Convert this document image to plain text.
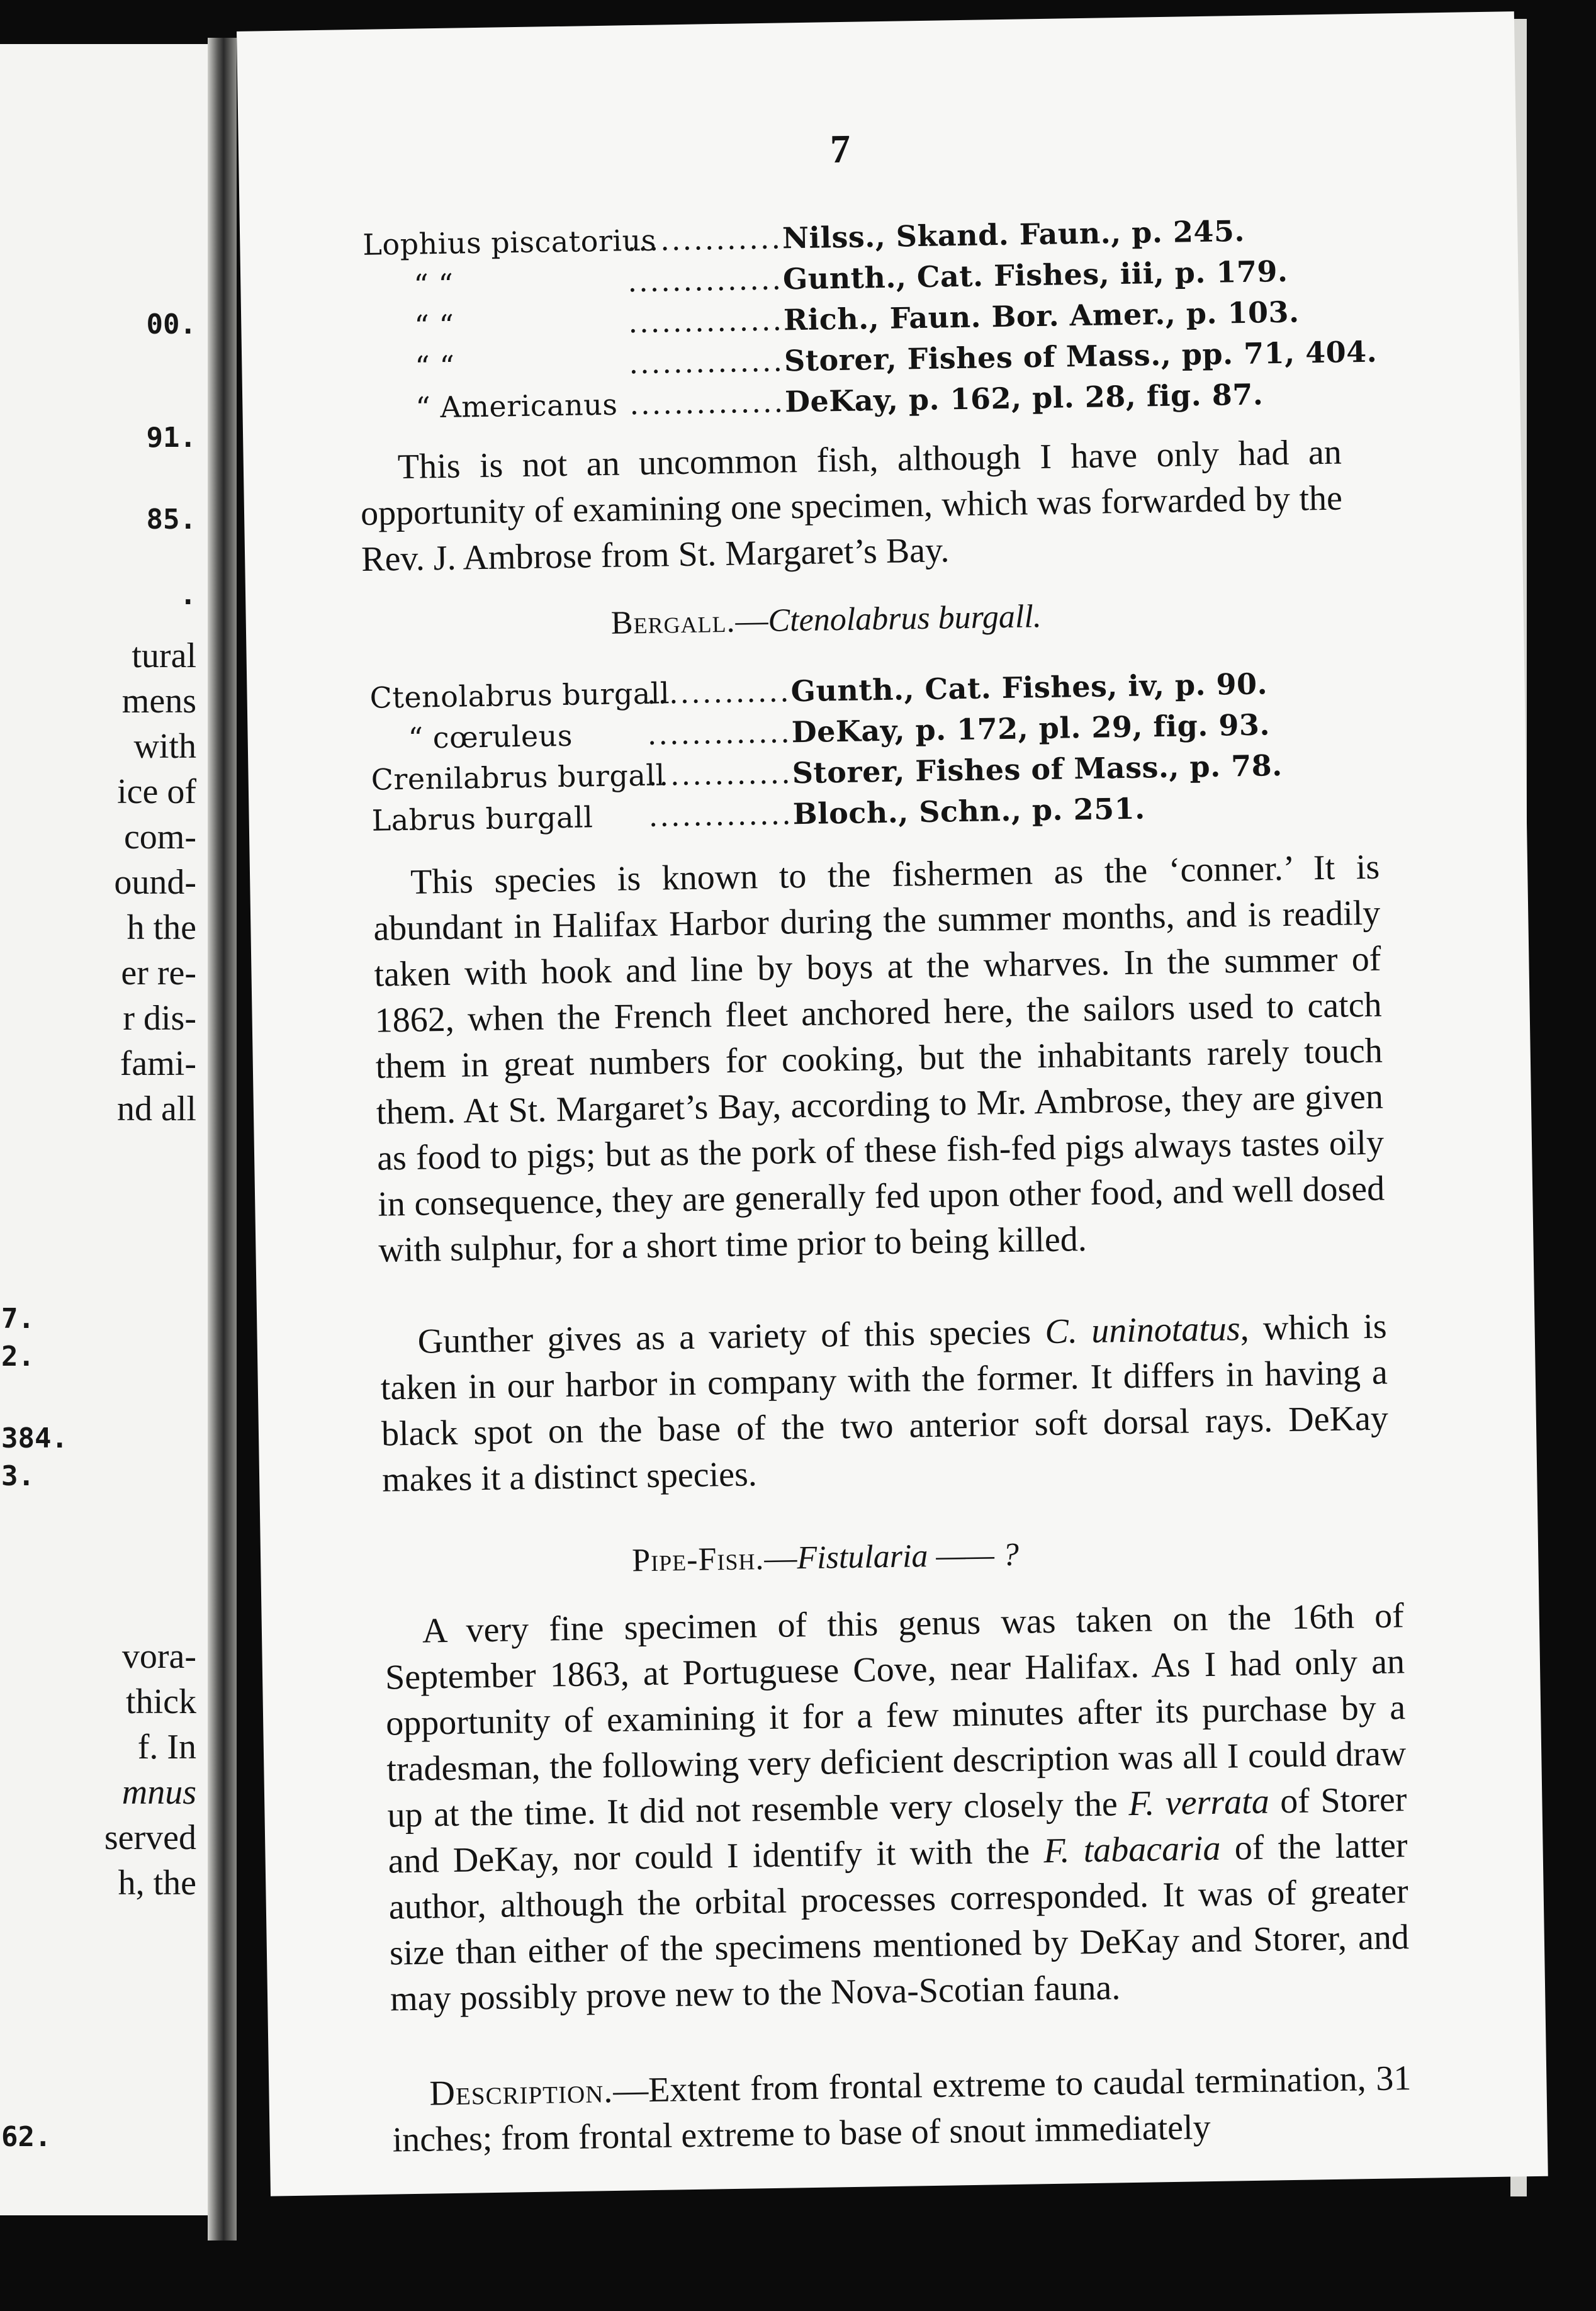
00.
91.
85.
.
tural
mens
with
ice of
com-
ound-
h the
er re-
r dis-
fami-
nd all
7.
2.
384.
3.
vora-
thick
f. In
mnus
served
h, the
62.
7
Lophius piscatorius..............Nilss., Skand. Faun., p. 245.
“ “	..............Gunth., Cat. Fishes, iii, p. 179.
“ “	..............Rich., Faun. Bor. Amer., p. 103.
“ “	..............Storer, Fishes of Mass., pp. 71, 404.
“ Americanus ..............DeKay, p. 162, pl. 28, fig. 87.
This is not an uncommon fish, although I have only had an opportunity of examining one specimen, which was forwarded by the Rev. J. Ambrose from St. Margaret’s Bay.
Bergall.—Ctenolabrus burgall.
Ctenolabrus burgall.............Gunth., Cat. Fishes, iv, p. 90.
“ cœruleus	.............DeKay, p. 172, pl. 29, fig. 93.
Crenilabrus burgall.............Storer, Fishes of Mass., p. 78.
Labrus burgall .............Bloch., Schn., p. 251.
This species is known to the fishermen as the ‘conner.’ It is abundant in Halifax Harbor during the summer months, and is readily taken with hook and line by boys at the wharves. In the summer of 1862, when the French fleet anchored here, the sailors used to catch them in great numbers for cooking, but the inhabitants rarely touch them. At St. Margaret’s Bay, according to Mr. Ambrose, they are given as food to pigs; but as the pork of these fish-fed pigs always tastes oily in consequence, they are generally fed upon other food, and well dosed with sulphur, for a short time prior to being killed.
Gunther gives as a variety of this species C. uninotatus, which is taken in our harbor in company with the former. It differs in having a black spot on the base of the two anterior soft dorsal rays. DeKay makes it a distinct species.
Pipe-Fish.—Fistularia —— ?
A very fine specimen of this genus was taken on the 16th of September 1863, at Portuguese Cove, near Halifax. As I had only an opportunity of examining it for a few minutes after its purchase by a tradesman, the following very deficient description was all I could draw up at the time. It did not resemble very closely the F. verrata of Storer and DeKay, nor could I identify it with the F. tabacaria of the latter author, although the orbital processes corresponded. It was of greater size than either of the specimens mentioned by DeKay and Storer, and may possibly prove new to the Nova-Scotian fauna.
Description.—Extent from frontal extreme to caudal termination, 31 inches; from frontal extreme to base of snout immediately
